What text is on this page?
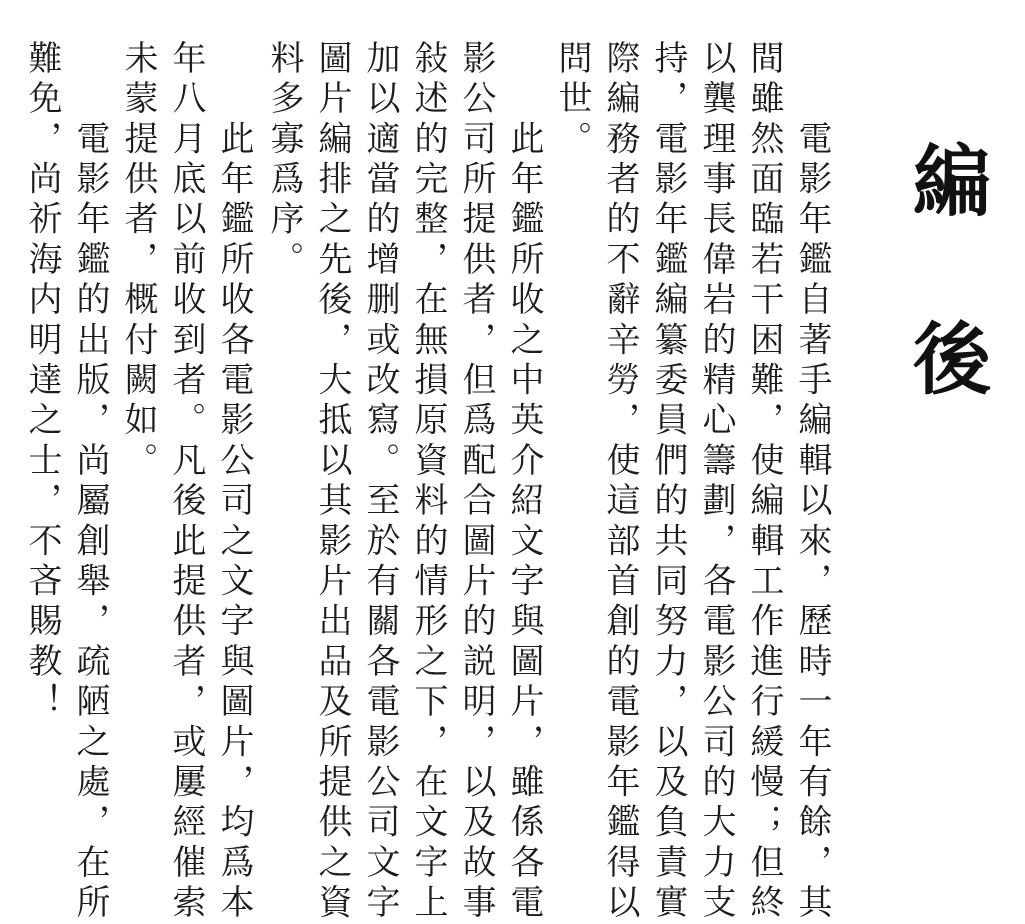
編後
　　電影年鑑自著手編輯以來，歷時一年有餘，其
間雖然面臨若干困難，使編輯工作進行緩慢；但終
以龔理事長偉岩的精心籌劃，各電影公司的大力支
持，電影年鑑編纂委員們的共同努力，以及負責實
際編務者的不辭辛勞，使這部首創的電影年鑑得以
問世。
　　此年鑑所收之中英介紹文字與圖片，雖係各電
影公司所提供者，但爲配合圖片的説明，以及故事
敍述的完整，在無損原資料的情形之下，在文字上
加以適當的增删或改寫。至於有關各電影公司文字
圖片編排之先後，大抵以其影片出品及所提供之資
料多寡爲序。
　　此年鑑所收各電影公司之文字與圖片，均爲本
年八月底以前收到者。凡後此提供者，或屢經催索
未蒙提供者，概付闕如。
　　電影年鑑的出版，尚屬創舉，疏陋之處，在所
難免，尚祈海内明達之士，不吝賜教！
